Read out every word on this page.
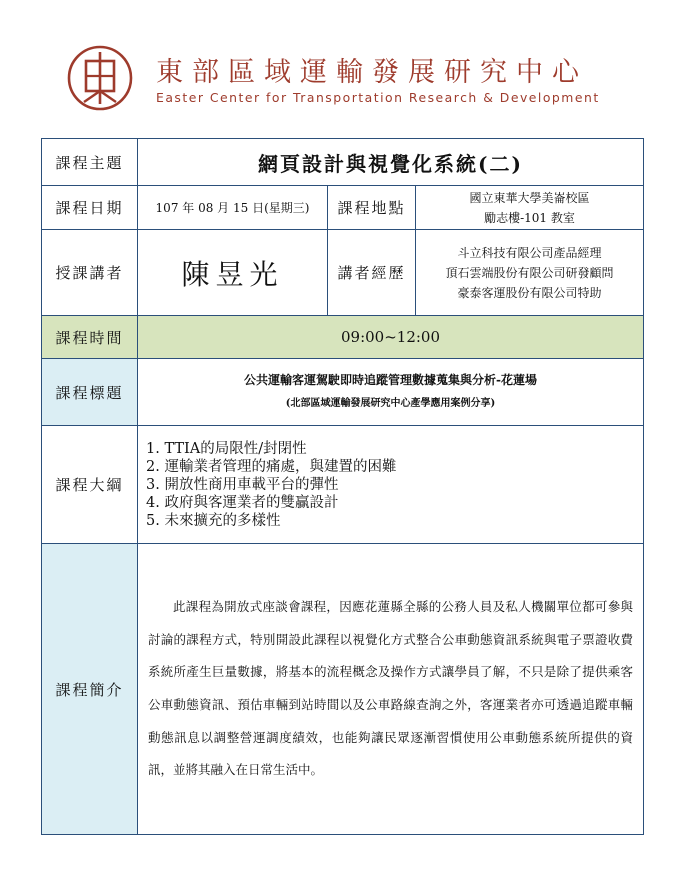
東部區域運輸發展研究中心
Easter Center for Transportation Research & Development
課程主題	網頁設計與視覺化系統(二)		
課程日期	107 年 08 月 15 日(星期三)	課程地點	國立東華大學美崙校區
勵志樓-101 教室

授課講者	陳昱光	講者經歷	斗立科技有限公司產品經理
頂石雲端股份有限公司研發顧問
豪泰客運股份有限公司特助

課程時間	09:00~12:00		
課程標題	公共運輸客運駕駛即時追蹤管理數據蒐集與分析-花蓮場
(北部區域運輸發展研究中心產學應用案例分享)		

課程大綱	1. TTIA的局限性/封閉性
2. 運輸業者管理的痛處，與建置的困難
3. 開放性商用車載平台的彈性
4. 政府與客運業者的雙贏設計
5. 未來擴充的多樣性		

課程簡介	此課程為開放式座談會課程，因應花蓮縣全縣的公務人員及私人機關單位都可參與討論的課程方式，特別開設此課程以視覺化方式整合公車動態資訊系統與電子票證收費系統所產生巨量數據，將基本的流程概念及操作方式讓學員了解，不只是除了提供乘客公車動態資訊、預估車輛到站時間以及公車路線查詢之外，客運業者亦可透過追蹤車輛動態訊息以調整營運調度績效，也能夠讓民眾逐漸習慣使用公車動態系統所提供的資訊，並將其融入在日常生活中。		
